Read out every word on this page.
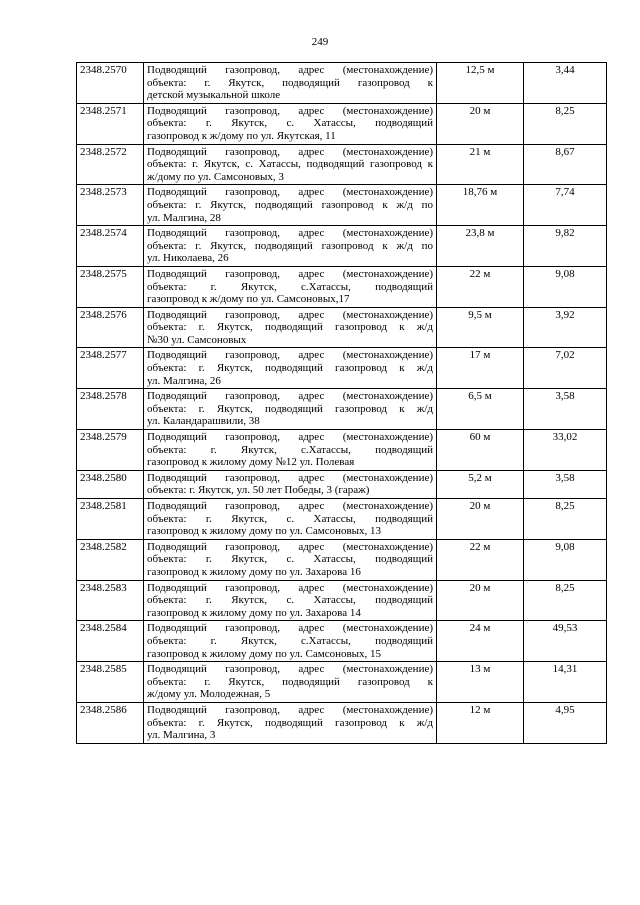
249
2348.2570	Подводящий газопровод, адрес (местонахождение)
объекта: г. Якутск, подводящий газопровод к
детской музыкальной школе	12,5 м	3,44
2348.2571	Подводящий газопровод, адрес (местонахождение)
объекта: г. Якутск, с. Хатассы, подводящий
газопровод к ж/дому по ул. Якутская, 11	20 м	8,25
2348.2572	Подводящий газопровод, адрес (местонахождение)
объекта: г. Якутск, с. Хатассы, подводящий газопровод к
ж/дому по ул. Самсоновых, 3	21 м	8,67
2348.2573	Подводящий газопровод, адрес (местонахождение)
объекта: г. Якутск, подводящий газопровод к ж/д по
ул. Малгина, 28	18,76 м	7,74
2348.2574	Подводящий газопровод, адрес (местонахождение)
объекта: г. Якутск, подводящий газопровод к ж/д по
ул. Николаева, 26	23,8 м	9,82
2348.2575	Подводящий газопровод, адрес (местонахождение)
объекта: г. Якутск, с.Хатассы, подводящий
газопровод к ж/дому по ул. Самсоновых,17	22 м	9,08
2348.2576	Подводящий газопровод, адрес (местонахождение)
объекта: г. Якутск, подводящий газопровод к ж/д
№30 ул. Самсоновых	9,5 м	3,92
2348.2577	Подводящий газопровод, адрес (местонахождение)
объекта: г. Якутск, подводящий газопровод к ж/д
ул. Малгина, 26	17 м	7,02
2348.2578	Подводящий газопровод, адрес (местонахождение)
объекта: г. Якутск, подводящий газопровод к ж/д
ул. Каландарашвили, 38	6,5 м	3,58
2348.2579	Подводящий газопровод, адрес (местонахождение)
объекта: г. Якутск, с.Хатассы, подводящий
газопровод к жилому дому №12 ул. Полевая	60 м	33,02
2348.2580	Подводящий газопровод, адрес (местонахождение)
объекта: г. Якутск, ул. 50 лет Победы, 3 (гараж)	5,2 м	3,58
2348.2581	Подводящий газопровод, адрес (местонахождение)
объекта: г. Якутск, с. Хатассы, подводящий
газопровод к жилому дому по ул. Самсоновых, 13	20 м	8,25
2348.2582	Подводящий газопровод, адрес (местонахождение)
объекта: г. Якутск, с. Хатассы, подводящий
газопровод к жилому дому по ул. Захарова 16	22 м	9,08
2348.2583	Подводящий газопровод, адрес (местонахождение)
объекта: г. Якутск, с. Хатассы, подводящий
газопровод к жилому дому по ул. Захарова 14	20 м	8,25
2348.2584	Подводящий газопровод, адрес (местонахождение)
объекта: г. Якутск, с.Хатассы, подводящий
газопровод к жилому дому по ул. Самсоновых, 15	24 м	49,53
2348.2585	Подводящий газопровод, адрес (местонахождение)
объекта: г. Якутск, подводящий газопровод к
ж/дому ул. Молодежная, 5	13 м	14,31
2348.2586	Подводящий газопровод, адрес (местонахождение)
объекта: г. Якутск, подводящий газопровод к ж/д
ул. Малгина, 3	12 м	4,95
